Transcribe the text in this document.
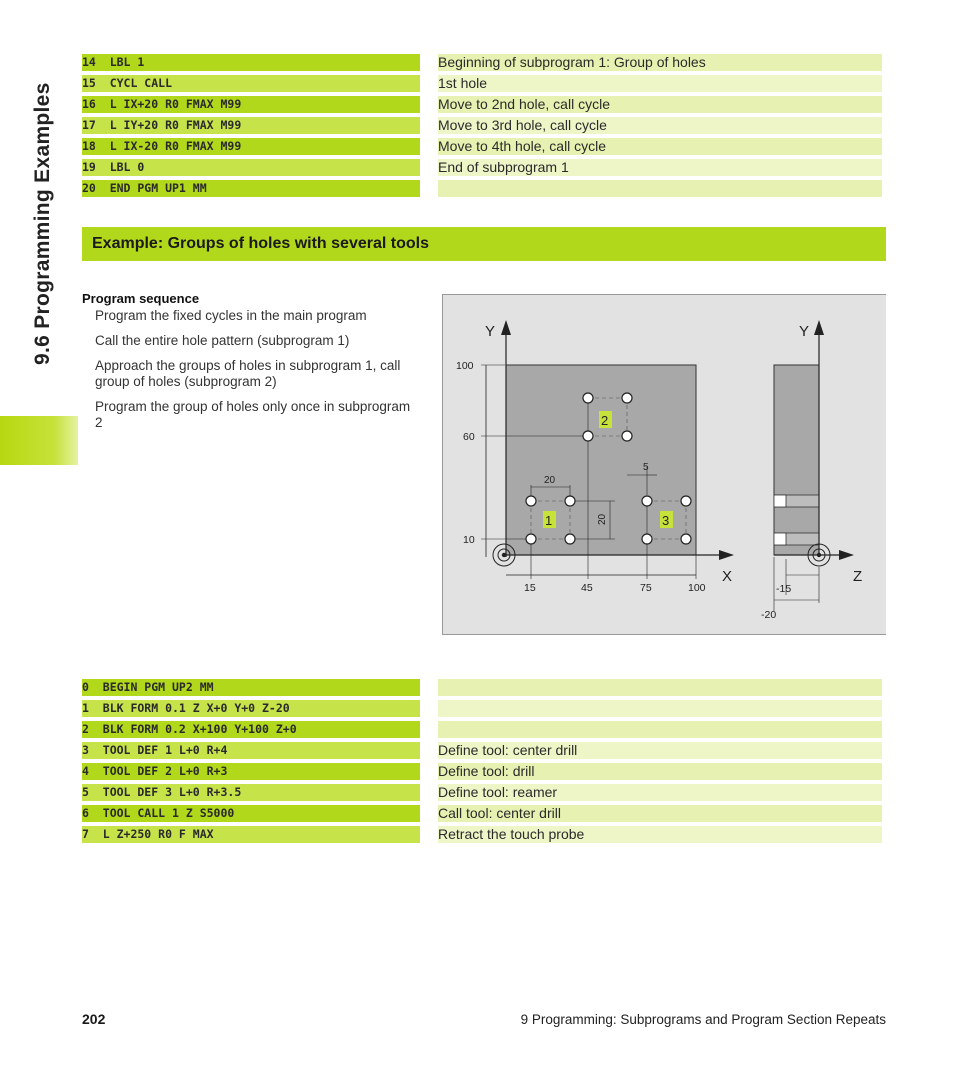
9.6 Programming Examples
14  LBL 1		Beginning of subprogram 1: Group of holes
15  CYCL CALL		1st hole
16  L IX+20 R0 FMAX M99		Move to 2nd hole, call cycle
17  L IY+20 R0 FMAX M99		Move to 3rd hole, call cycle
18  L IX-20 R0 FMAX M99		Move to 4th hole, call cycle
19  LBL 0		End of subprogram 1
20  END PGM UP1 MM		
Example: Groups of holes with several tools
Program sequence
Program the fixed cycles in the main program
Call the entire hole pattern (subprogram 1)
Approach the groups of holes in subprogram 1, call group of holes (subprogram 2)
Program the group of holes only once in subprogram 2
Y
X
100
60
10
15	45	75	100
20
20
5
1
2
3
Y
Z
-15
-20
0  BEGIN PGM UP2 MM		
1  BLK FORM 0.1 Z X+0 Y+0 Z-20		
2  BLK FORM 0.2 X+100 Y+100 Z+0		
3  TOOL DEF 1 L+0 R+4		Define tool: center drill
4  TOOL DEF 2 L+0 R+3		Define tool: drill
5  TOOL DEF 3 L+0 R+3.5		Define tool: reamer
6  TOOL CALL 1 Z S5000		Call tool: center drill
7  L Z+250 R0 F MAX		Retract the touch probe
202	9 Programming: Subprograms and Program Section Repeats
